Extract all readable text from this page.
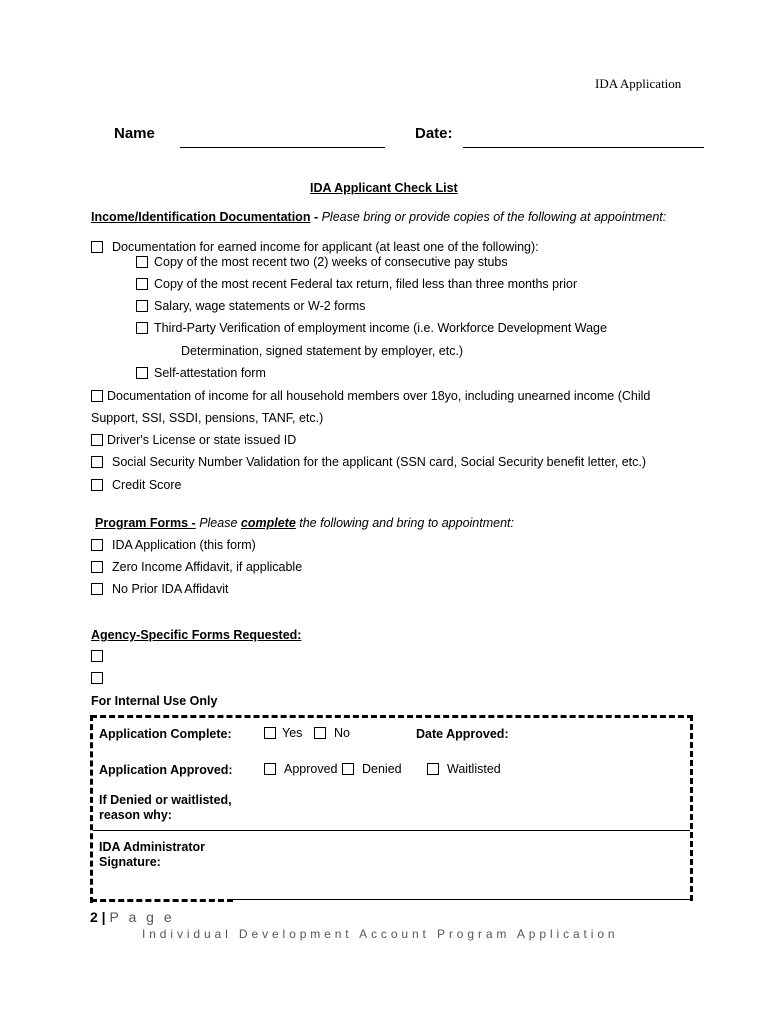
IDA Application
Name	Date:
IDA Applicant Check List
Income/Identification Documentation - Please bring or provide copies of the following at appointment:
Documentation for earned income for applicant (at least one of the following):
Copy of the most recent two (2) weeks of consecutive pay stubs
Copy of the most recent Federal tax return, filed less than three months prior
Salary, wage statements or W-2 forms
Third-Party Verification of employment income (i.e. Workforce Development Wage
Determination, signed statement by employer, etc.)
Self-attestation form
Documentation of income for all household members over 18yo, including unearned income (Child
Support, SSI, SSDI, pensions, TANF, etc.)
Driver's License or state issued ID
Social Security Number Validation for the applicant (SSN card, Social Security benefit letter, etc.)
Credit Score
Program Forms - Please complete the following and bring to appointment:
IDA Application (this form)
Zero Income Affidavit, if applicable
No Prior IDA Affidavit
Agency-Specific Forms Requested:
For Internal Use Only
Application Complete:	Yes	No	Date Approved:
Application Approved:	Approved Denied	Waitlisted
If Denied or waitlisted,
reason why:
IDA Administrator
Signature:
2 | P a g e
Individual Development Account Program Application
